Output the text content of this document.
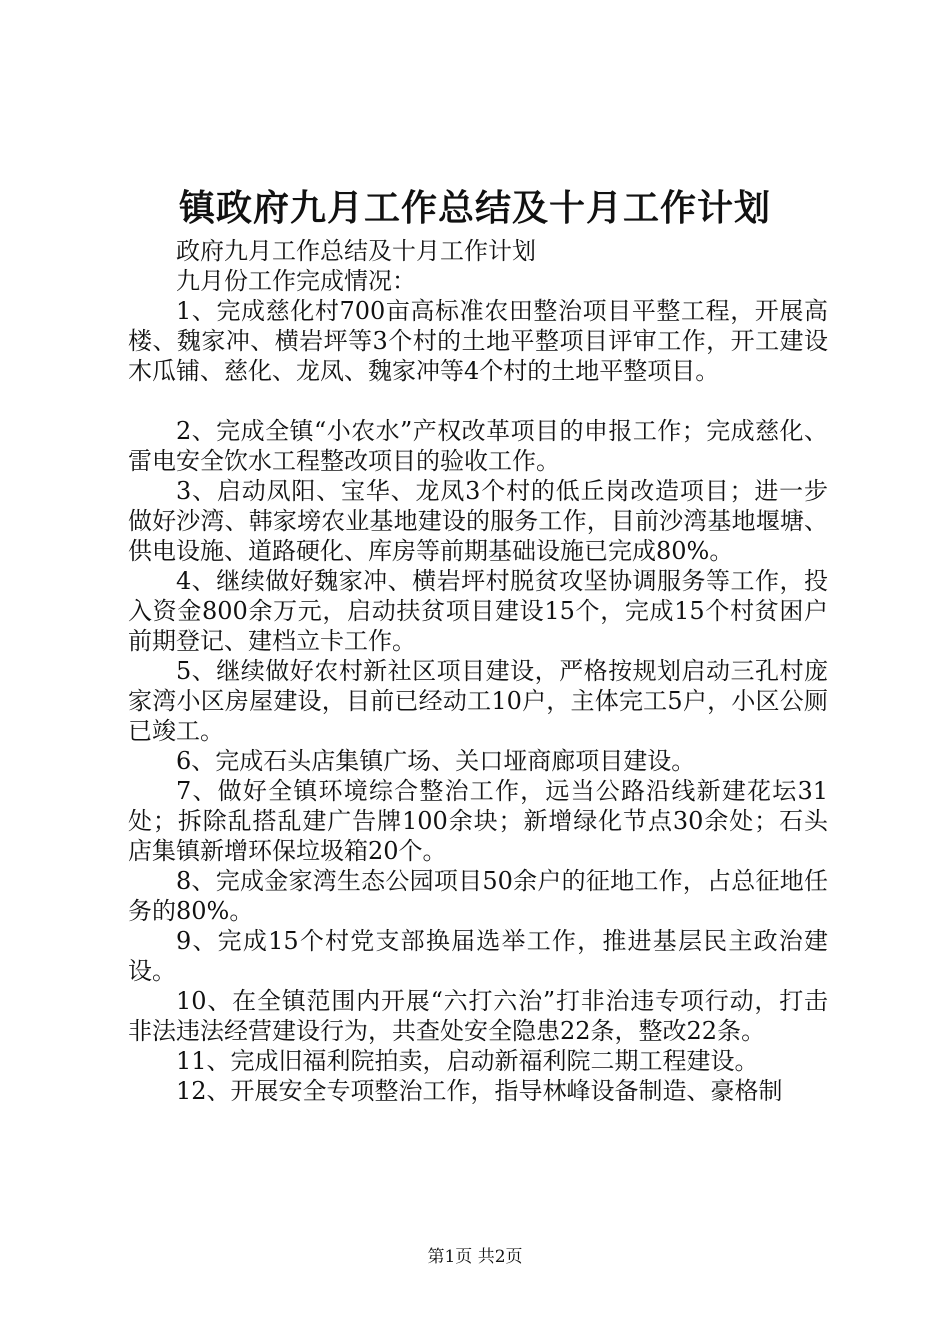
镇政府九月工作总结及十月工作计划

政府九月工作总结及十月工作计划

九月份工作完成情况：

1、完成慈化村700亩高标准农田整治项目平整工程，开展高楼、魏家冲、横岩坪等3个村的土地平整项目评审工作，开工建设木瓜铺、慈化、龙凤、魏家冲等4个村的土地平整项目。

2、完成全镇“小农水”产权改革项目的申报工作；完成慈化、雷电安全饮水工程整改项目的验收工作。

3、启动凤阳、宝华、龙凤3个村的低丘岗改造项目；进一步做好沙湾、韩家塝农业基地建设的服务工作，目前沙湾基地堰塘、供电设施、道路硬化、库房等前期基础设施已完成80%。

4、继续做好魏家冲、横岩坪村脱贫攻坚协调服务等工作，投入资金800余万元，启动扶贫项目建设15个，完成15个村贫困户前期登记、建档立卡工作。

5、继续做好农村新社区项目建设，严格按规划启动三孔村庞家湾小区房屋建设，目前已经动工10户，主体完工5户，小区公厕已竣工。

6、完成石头店集镇广场、关口垭商廊项目建设。

7、做好全镇环境综合整治工作，远当公路沿线新建花坛31处；拆除乱搭乱建广告牌100余块；新增绿化节点30余处；石头店集镇新增环保垃圾箱20个。

8、完成金家湾生态公园项目50余户的征地工作，占总征地任务的80%。

9、完成15个村党支部换届选举工作，推进基层民主政治建设。

10、在全镇范围内开展“六打六治”打非治违专项行动，打击非法违法经营建设行为，共查处安全隐患22条，整改22条。

11、完成旧福利院拍卖，启动新福利院二期工程建设。

12、开展安全专项整治工作，指导林峰设备制造、豪格制

第1页 共2页
